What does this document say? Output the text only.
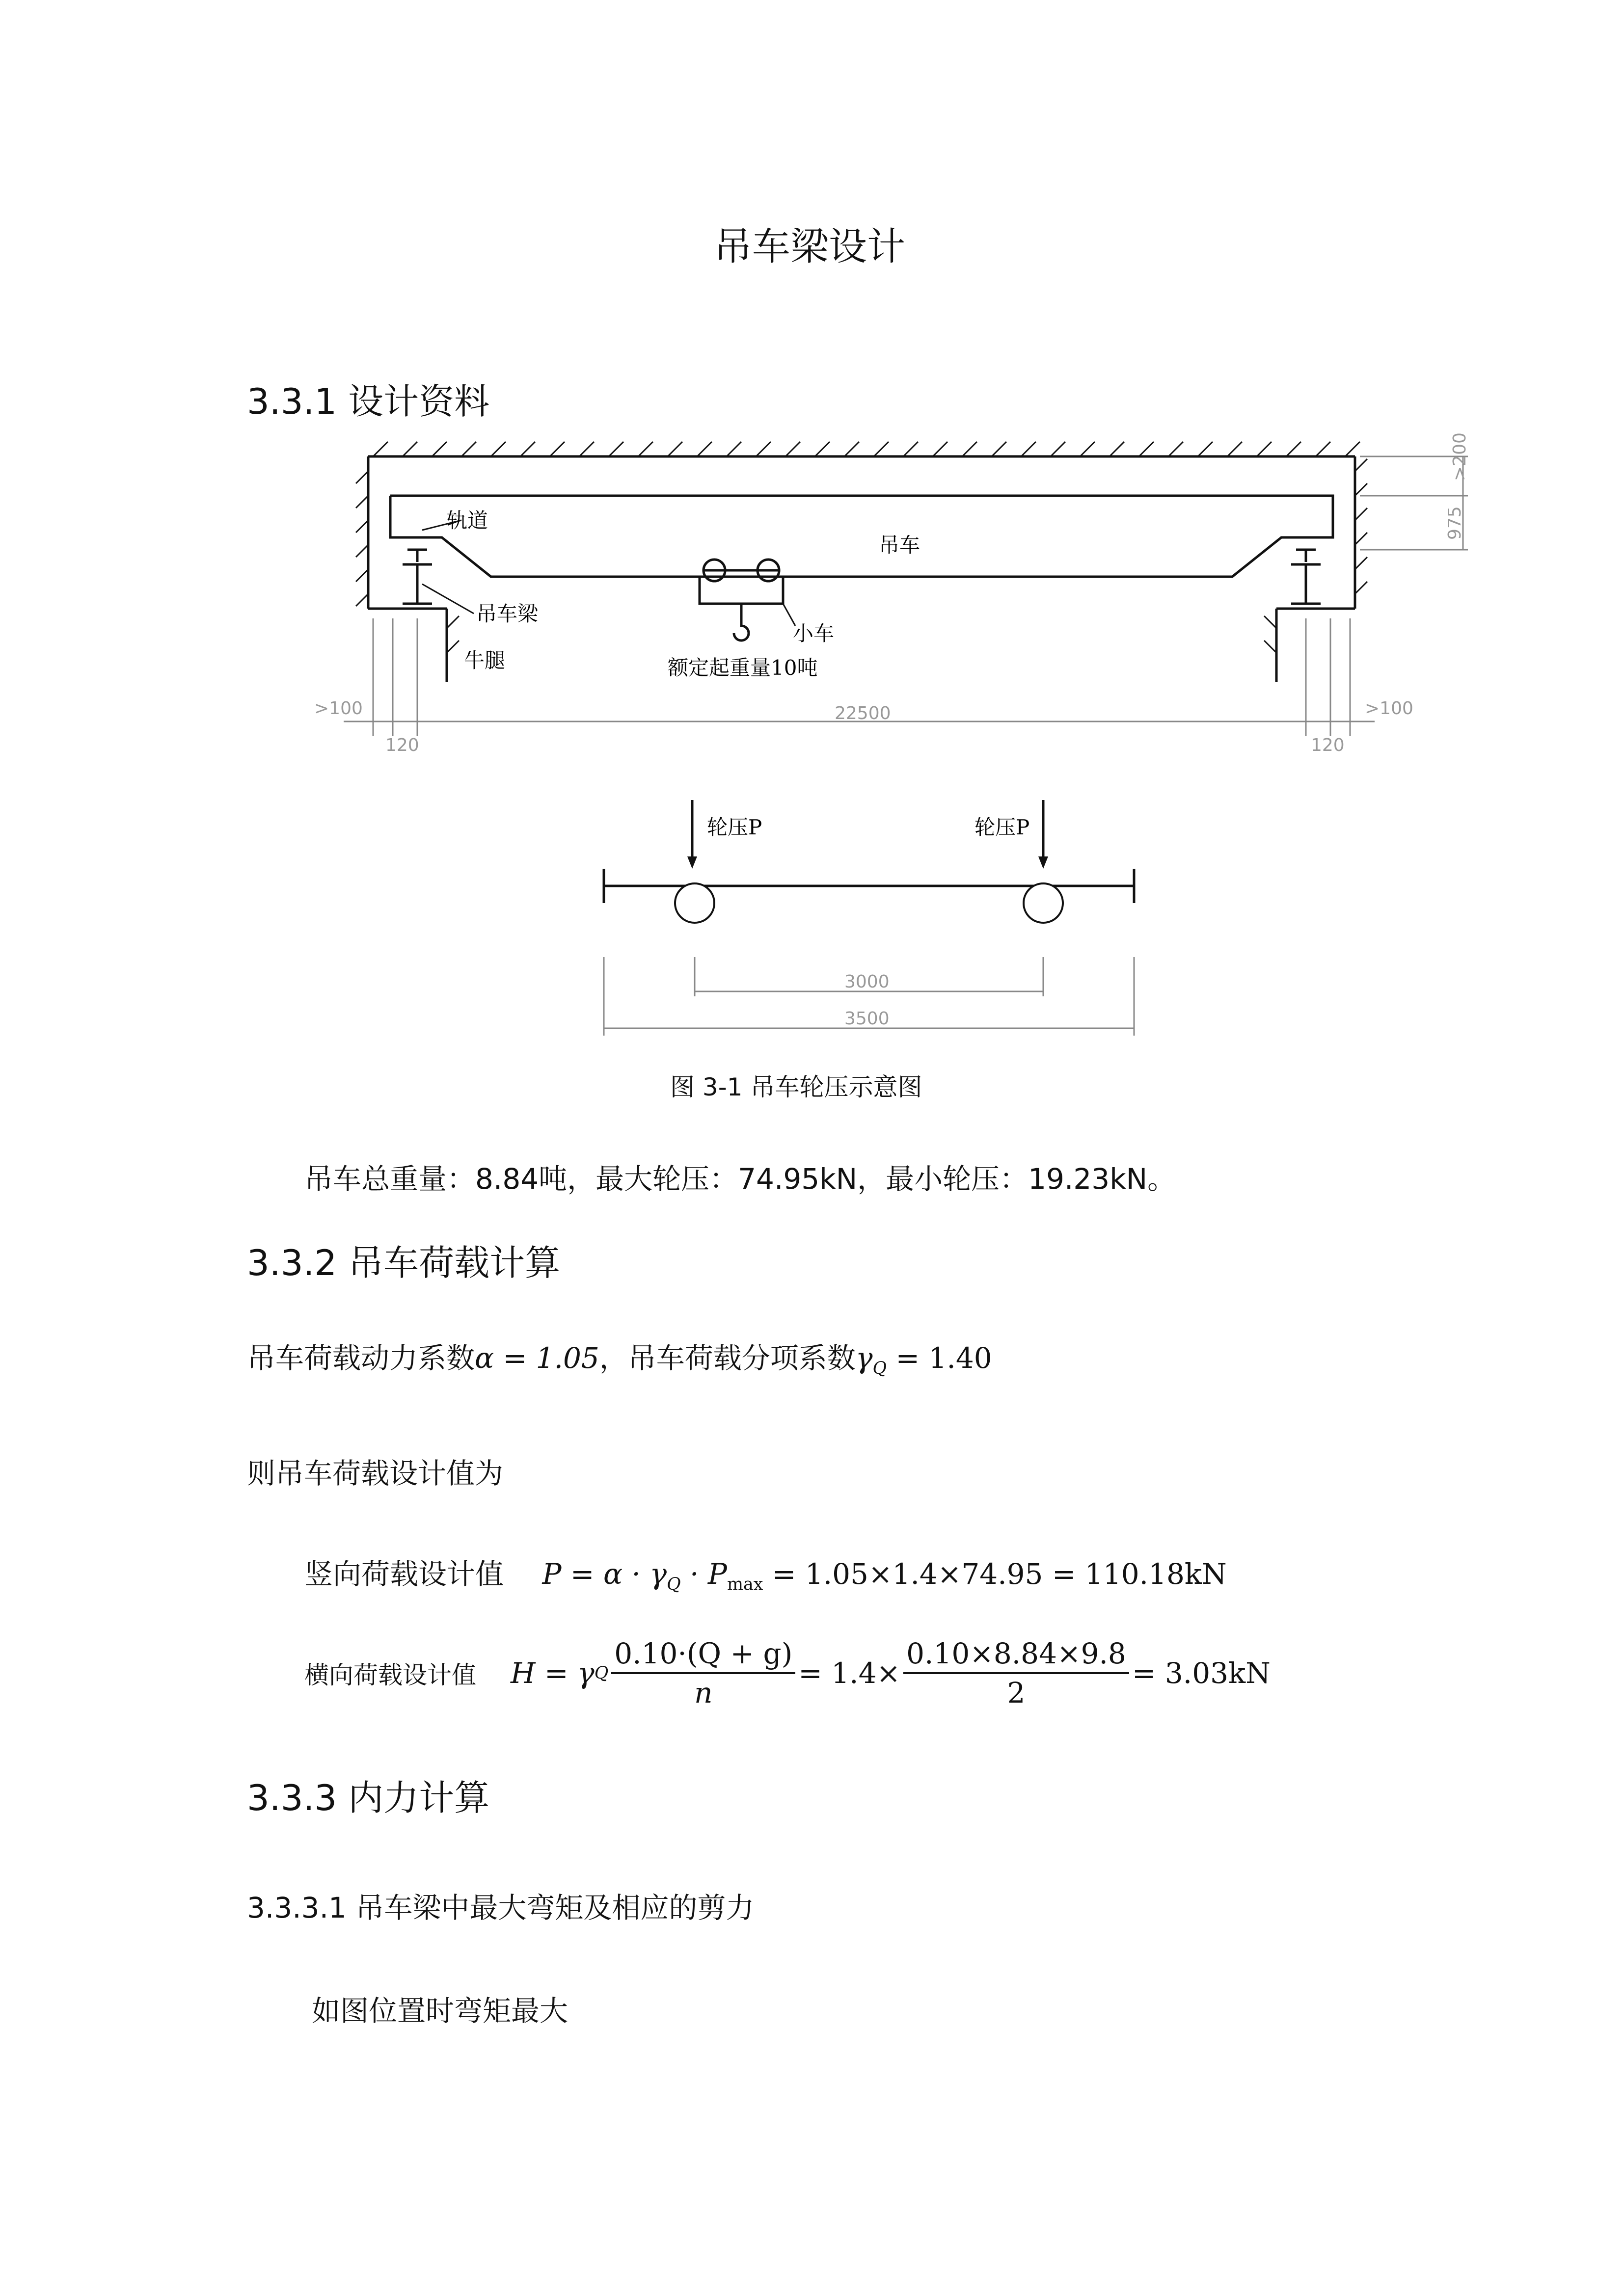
吊车梁设计
3.3.1 设计资料
>200
975
>100	>100
22500
120	120
轨道
吊车
吊车梁
牛腿
小车
额定起重量10吨
轮压P	轮压P
3000
3500
图 3-1 吊车轮压示意图
吊车总重量：8.84吨，最大轮压：74.95kN，最小轮压：19.23kN。
3.3.2 吊车荷载计算
吊车荷载动力系数α = 1.05，吊车荷载分项系数$\gamma_Q = 1.40$
则吊车荷载设计值为
竖向荷载设计值 $P = \alpha \cdot \gamma_Q \cdot P_{max} = 1.05\times 1.4\times 74.95 = 110.18kN$
横向荷载设计值 H = γ Q $\frac{0.10\cdot(Q + g)}{n} = 1.4\times \frac{0.10\times 8.84\times 9.8}{2} = 3.03kN$
3.3.3 内力计算
3.3.3.1 吊车梁中最大弯矩及相应的剪力
如图位置时弯矩最大
